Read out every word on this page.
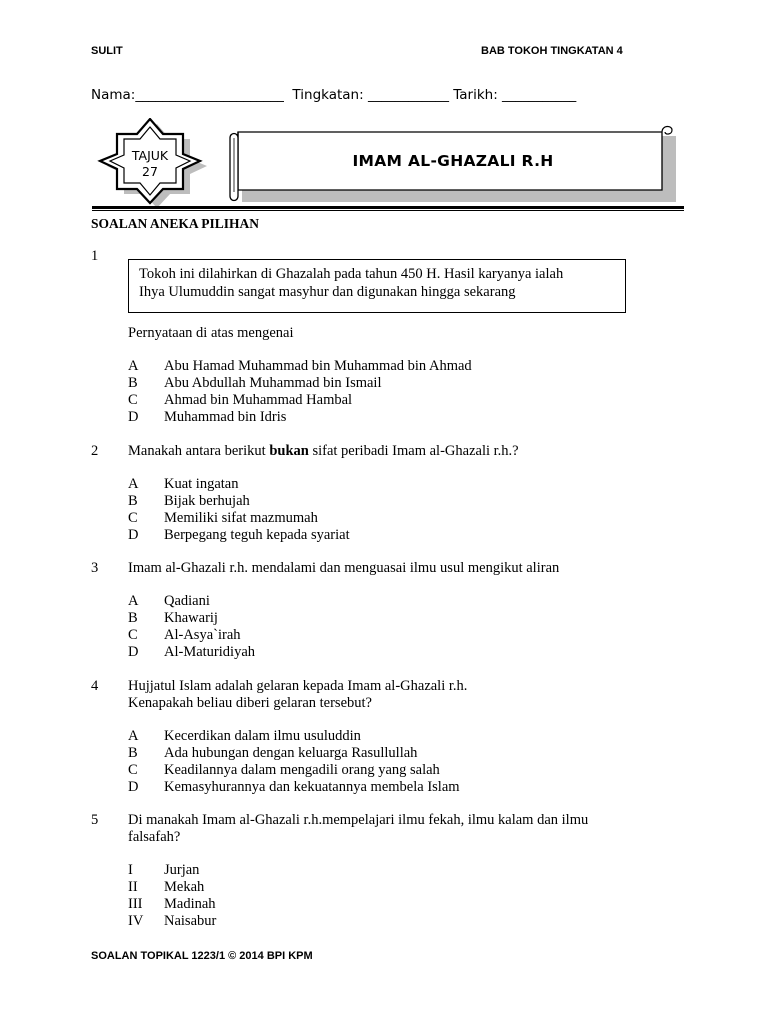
SULIT	BAB TOKOH TINGKATAN 4
Nama:______________________  Tingkatan: ____________ Tarikh: ___________
TAJUK
27
IMAM AL-GHAZALI R.H
SOALAN ANEKA PILIHAN
1
Tokoh ini dilahirkan di Ghazalah pada tahun 450 H. Hasil karyanya ialah
Ihya Ulumuddin sangat masyhur dan digunakan hingga sekarang
Pernyataan di atas mengenai
A Abu Hamad Muhammad bin Muhammad bin Ahmad
B Abu Abdullah Muhammad bin Ismail
C Ahmad bin Muhammad Hambal
D Muhammad bin Idris
2 Manakah antara berikut bukan sifat peribadi Imam al-Ghazali r.h.?
A Kuat ingatan
B Bijak berhujah
C Memiliki sifat mazmumah
D Berpegang teguh kepada syariat
3 Imam al-Ghazali r.h. mendalami dan menguasai ilmu usul mengikut aliran
A Qadiani
B Khawarij
C Al-Asya`irah
D Al-Maturidiyah
4 Hujjatul Islam adalah gelaran kepada Imam al-Ghazali r.h.
Kenapakah beliau diberi gelaran tersebut?
A Kecerdikan dalam ilmu usuluddin
B Ada hubungan dengan keluarga Rasullullah
C Keadilannya dalam mengadili orang yang salah
D Kemasyhurannya dan kekuatannya membela Islam
5 Di manakah Imam al-Ghazali r.h.mempelajari ilmu fekah, ilmu kalam dan ilmu
falsafah?
I Jurjan
II Mekah
III Madinah
IV Naisabur
SOALAN TOPIKAL 1223/1 © 2014 BPI KPM
